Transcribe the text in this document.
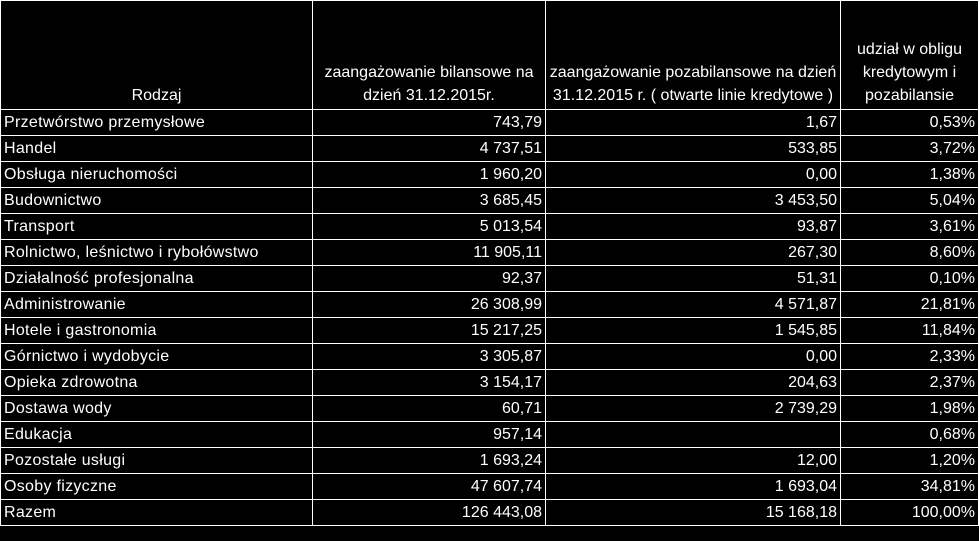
Rodzaj	zaangażowanie bilansowe na dzień 31.12.2015r.	zaangażowanie pozabilansowe na dzień 31.12.2015 r. ( otwarte linie kredytowe )	udział w obligu kredytowym i pozabilansie
Przetwórstwo przemysłowe	743,79	1,67	0,53%
Handel	4 737,51	533,85	3,72%
Obsługa nieruchomości	1 960,20	0,00	1,38%
Budownictwo	3 685,45	3 453,50	5,04%
Transport	5 013,54	93,87	3,61%
Rolnictwo, leśnictwo i rybołówstwo	11 905,11	267,30	8,60%
Działalność profesjonalna	92,37	51,31	0,10%
Administrowanie	26 308,99	4 571,87	21,81%
Hotele i gastronomia	15 217,25	1 545,85	11,84%
Górnictwo i wydobycie	3 305,87	0,00	2,33%
Opieka zdrowotna	3 154,17	204,63	2,37%
Dostawa wody	60,71	2 739,29	1,98%
Edukacja	957,14		0,68%
Pozostałe usługi	1 693,24	12,00	1,20%
Osoby fizyczne	47 607,74	1 693,04	34,81%
Razem	126 443,08	15 168,18	100,00%
